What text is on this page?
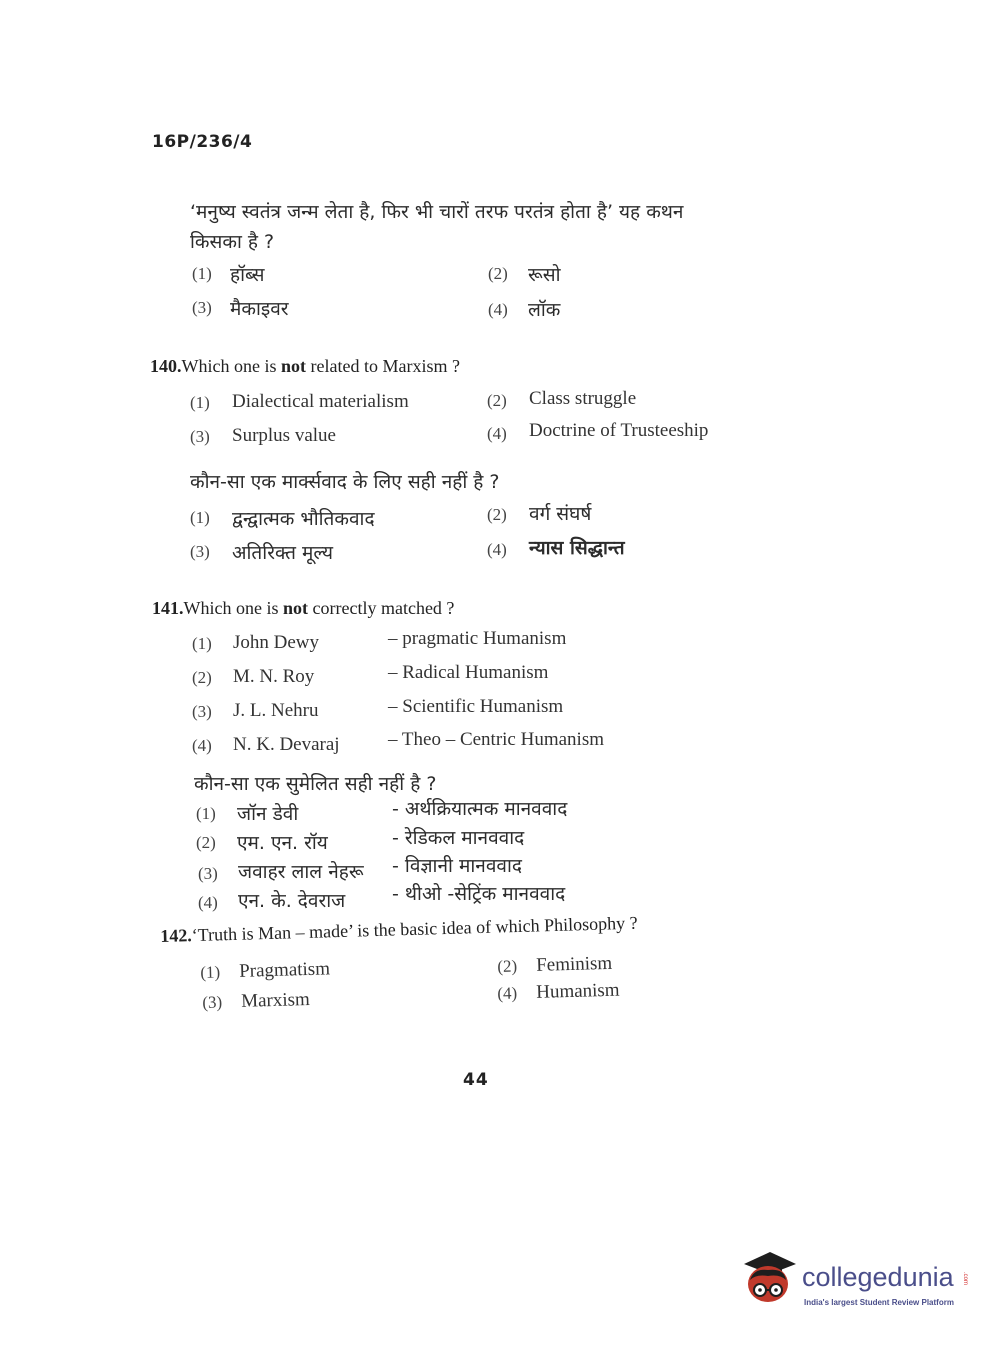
16P/236/4
‘मनुष्य स्वतंत्र जन्म लेता है, फिर भी चारों तरफ परतंत्र होता है’ यह कथन
किसका है ?
(1) हॉब्स	(2) रूसो
(3) मैकाइवर	(4) लॉक
140.Which one is not related to Marxism ?
(1) Dialectical materialism	(2) Class struggle
(3) Surplus value	(4) Doctrine of Trusteeship
कौन-सा एक मार्क्सवाद के लिए सही नहीं है ?
(1) द्वन्द्वात्मक भौतिकवाद	(2) वर्ग संघर्ष
(3) अतिरिक्त मूल्य	(4) न्यास सिद्धान्त
141.Which one is not correctly matched ?
(1) John Dewy	– pragmatic Humanism
(2) M. N. Roy	– Radical Humanism
(3) J. L. Nehru	– Scientific Humanism
(4) N. K. Devaraj	– Theo – Centric Humanism
कौन-सा एक सुमेलित सही नहीं है ?
(1) जॉन डेवी	- अर्थक्रियात्मक मानववाद
(2) एम. एन. रॉय	- रेडिकल मानववाद
(3) जवाहर लाल नेहरू - विज्ञानी मानववाद
(4) एन. के. देवराज - थीओ -सेट्रिंक मानववाद
142.‘Truth is Man – made’ is the basic idea of which Philosophy ?
(1) Pragmatism	(2) Feminism
(3) Marxism	(4) Humanism
44
collegedunia .com
India's largest Student Review Platform
